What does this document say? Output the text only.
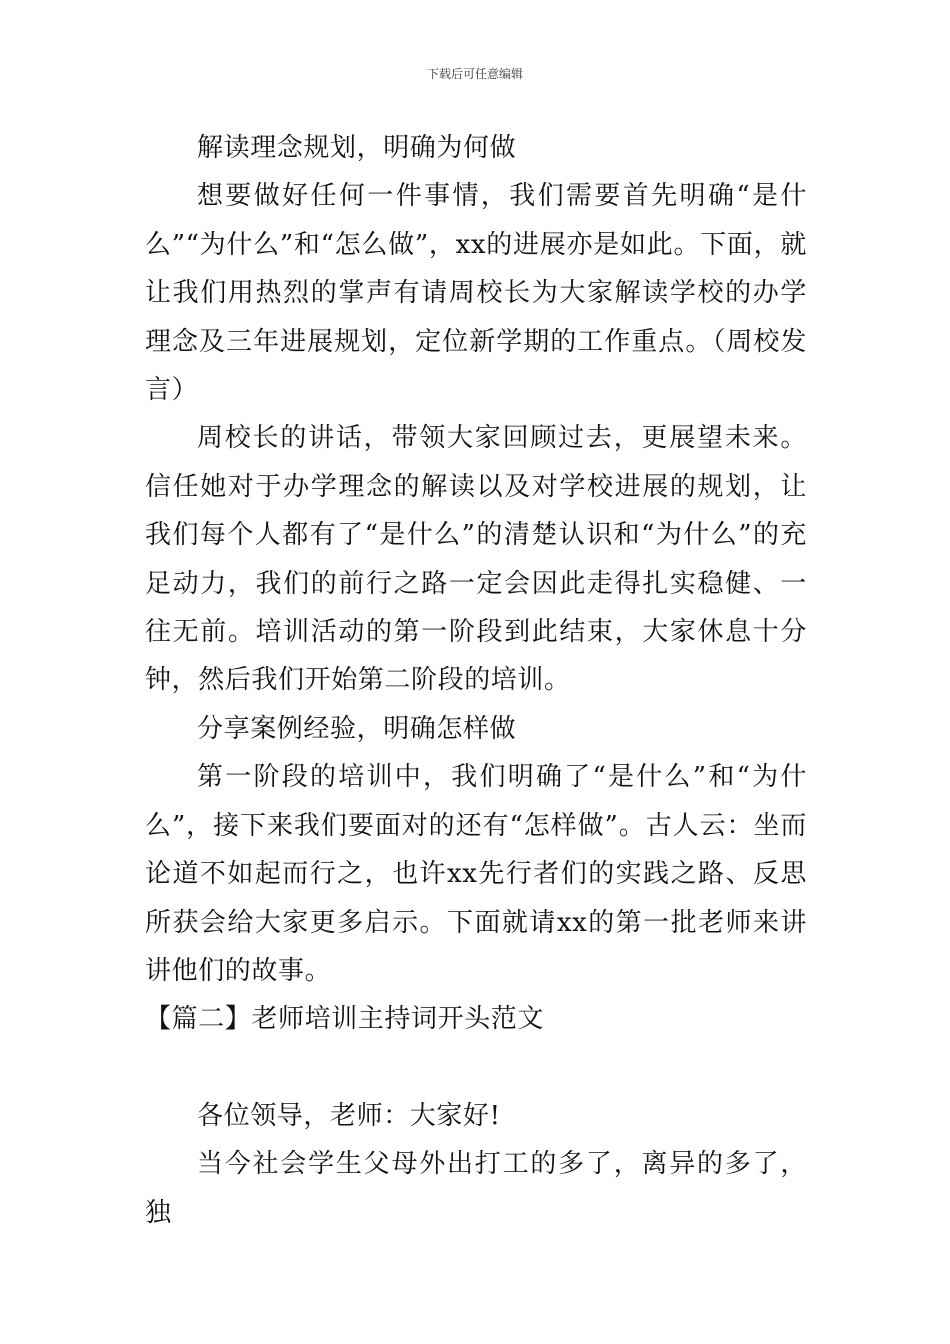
下载后可任意编辑

解读理念规划，明确为何做

想要做好任何一件事情，我们需要首先明确“是什么”“为什么”和“怎么做”，xx的进展亦是如此。下面，就让我们用热烈的掌声有请周校长为大家解读学校的办学理念及三年进展规划，定位新学期的工作重点。（周校发言）

周校长的讲话，带领大家回顾过去，更展望未来。信任她对于办学理念的解读以及对学校进展的规划，让我们每个人都有了“是什么”的清楚认识和“为什么”的充足动力，我们的前行之路一定会因此走得扎实稳健、一往无前。培训活动的第一阶段到此结束，大家休息十分钟，然后我们开始第二阶段的培训。

分享案例经验，明确怎样做

第一阶段的培训中，我们明确了“是什么”和“为什么”，接下来我们要面对的还有“怎样做”。古人云：坐而论道不如起而行之，也许xx先行者们的实践之路、反思所获会给大家更多启示。下面就请xx的第一批老师来讲讲他们的故事。

【篇二】老师培训主持词开头范文

各位领导，老师：大家好!

当今社会学生父母外出打工的多了，离异的多了，独
